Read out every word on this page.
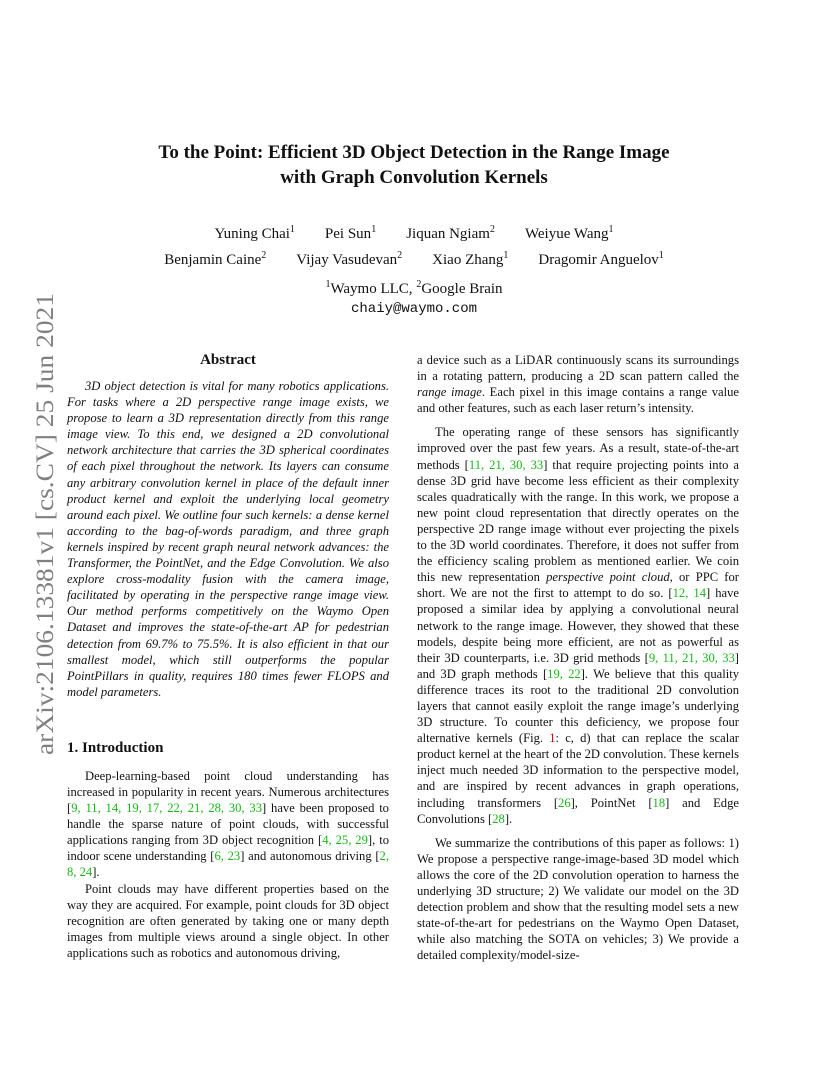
arXiv:2106.13381v1 [cs.CV] 25 Jun 2021
To the Point: Efficient 3D Object Detection in the Range Image
with Graph Convolution Kernels
Yuning Chai$^1$ Pei Sun$^1$ Jiquan Ngiam$^2$ Weiyue Wang$^1$
Benjamin Caine$^2$ Vijay Vasudevan$^2$ Xiao Zhang$^1$ Dragomir Anguelov$^1$
$^1$Waymo LLC, $^2$Google Brain
chaiy@waymo.com
Abstract

3D object detection is vital for many robotics applications. For tasks where a 2D perspective range image exists, we propose to learn a 3D representation directly from this range image view. To this end, we designed a 2D convolutional network architecture that carries the 3D spherical coordinates of each pixel throughout the network. Its layers can consume any arbitrary convolution kernel in place of the default inner product kernel and exploit the underlying local geometry around each pixel. We outline four such kernels: a dense kernel according to the bag-of-words paradigm, and three graph kernels inspired by recent graph neural network advances: the Transformer, the PointNet, and the Edge Convolution. We also explore cross-modality fusion with the camera image, facilitated by operating in the perspective range image view. Our method performs competitively on the Waymo Open Dataset and improves the state-of-the-art AP for pedestrian detection from 69.7% to 75.5%. It is also efficient in that our smallest model, which still outperforms the popular PointPillars in quality, requires 180 times fewer FLOPS and model parameters.

1. Introduction

Deep-learning-based point cloud understanding has increased in popularity in recent years. Numerous architectures [9, 11, 14, 19, 17, 22, 21, 28, 30, 33] have been proposed to handle the sparse nature of point clouds, with successful applications ranging from 3D object recognition [4, 25, 29], to indoor scene understanding [6, 23] and autonomous driving [2, 8, 24].

Point clouds may have different properties based on the way they are acquired. For example, point clouds for 3D object recognition are often generated by taking one or many depth images from multiple views around a single object. In other applications such as robotics and autonomous driving,

a device such as a LiDAR continuously scans its surroundings in a rotating pattern, producing a 2D scan pattern called the range image. Each pixel in this image contains a range value and other features, such as each laser return’s intensity.

The operating range of these sensors has significantly improved over the past few years. As a result, state-of-the-art methods [11, 21, 30, 33] that require projecting points into a dense 3D grid have become less efficient as their complexity scales quadratically with the range. In this work, we propose a new point cloud representation that directly operates on the perspective 2D range image without ever projecting the pixels to the 3D world coordinates. Therefore, it does not suffer from the efficiency scaling problem as mentioned earlier. We coin this new representation perspective point cloud, or PPC for short. We are not the first to attempt to do so. [12, 14] have proposed a similar idea by applying a convolutional neural network to the range image. However, they showed that these models, despite being more efficient, are not as powerful as their 3D counterparts, i.e. 3D grid methods [9, 11, 21, 30, 33] and 3D graph methods [19, 22]. We believe that this quality difference traces its root to the traditional 2D convolution layers that cannot easily exploit the range image’s underlying 3D structure. To counter this deficiency, we propose four alternative kernels (Fig. 1: c, d) that can replace the scalar product kernel at the heart of the 2D convolution. These kernels inject much needed 3D information to the perspective model, and are inspired by recent advances in graph operations, including transformers [26], PointNet [18] and Edge Convolutions [28].

We summarize the contributions of this paper as follows: 1) We propose a perspective range-image-based 3D model which allows the core of the 2D convolution operation to harness the underlying 3D structure; 2) We validate our model on the 3D detection problem and show that the resulting model sets a new state-of-the-art for pedestrians on the Waymo Open Dataset, while also matching the SOTA on vehicles; 3) We provide a detailed complexity/model-size-
